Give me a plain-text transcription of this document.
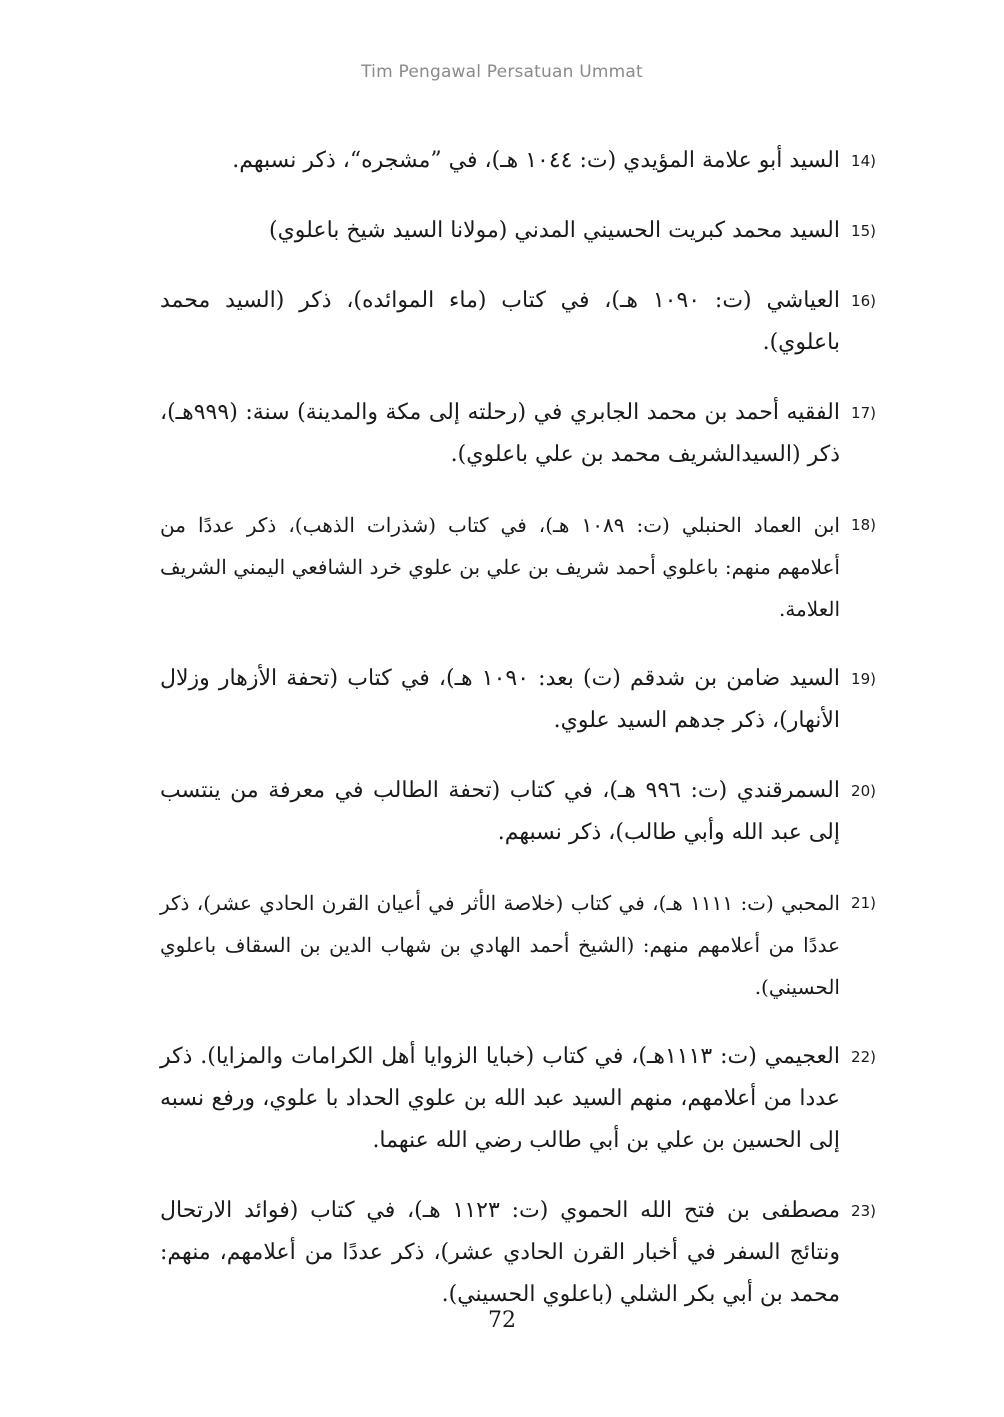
Tim Pengawal Persatuan Ummat
14)
السيد أبو علامة المؤيدي (ت: ١٠٤٤ هـ)، في ”مشجره“، ذكر نسبهم.
15)
السيد محمد كبريت الحسيني المدني (مولانا السيد شيخ باعلوي)
16)
العياشي (ت: ١٠٩٠ هـ)، في كتاب (ماء الموائده)، ذكر (السيد محمد باعلوي).
17)
الفقيه أحمد بن محمد الجابري في (رحلته إلى مكة والمدينة) سنة: (٩٩٩هـ)، ذكر (السيدالشريف محمد بن علي باعلوي).
18)
ابن العماد الحنبلي (ت: ١٠٨٩ هـ)، في كتاب (شذرات الذهب)، ذكر عددًا من أعلامهم منهم: باعلوي أحمد شريف بن علي بن علوي خرد الشافعي اليمني الشريف العلامة.
19)
السيد ضامن بن شدقم (ت) بعد: ١٠٩٠ هـ)، في كتاب (تحفة الأزهار وزلال الأنهار)، ذكر جدهم السيد علوي.
20)
السمرقندي (ت: ٩٩٦ هـ)، في كتاب (تحفة الطالب في معرفة من ينتسب إلى عبد الله وأبي طالب)، ذكر نسبهم.
21)
المحبي (ت: ١١١١ هـ)، في كتاب (خلاصة الأثر في أعيان القرن الحادي عشر)، ذكر عددًا من أعلامهم منهم: (الشيخ أحمد الهادي بن شهاب الدين بن السقاف باعلوي الحسيني).
22)
العجيمي (ت: ١١١٣هـ)، في كتاب (خبايا الزوايا أهل الكرامات والمزايا). ذكر عددا من أعلامهم، منهم السيد عبد الله بن علوي الحداد با علوي، ورفع نسبه إلى الحسين بن علي بن أبي طالب رضي الله عنهما.
23)
مصطفى بن فتح الله الحموي (ت: ١١٢٣ هـ)، في كتاب (فوائد الارتحال ونتائج السفر في أخبار القرن الحادي عشر)، ذكر عددًا من أعلامهم، منهم: محمد بن أبي بكر الشلي (باعلوي الحسيني).
72
